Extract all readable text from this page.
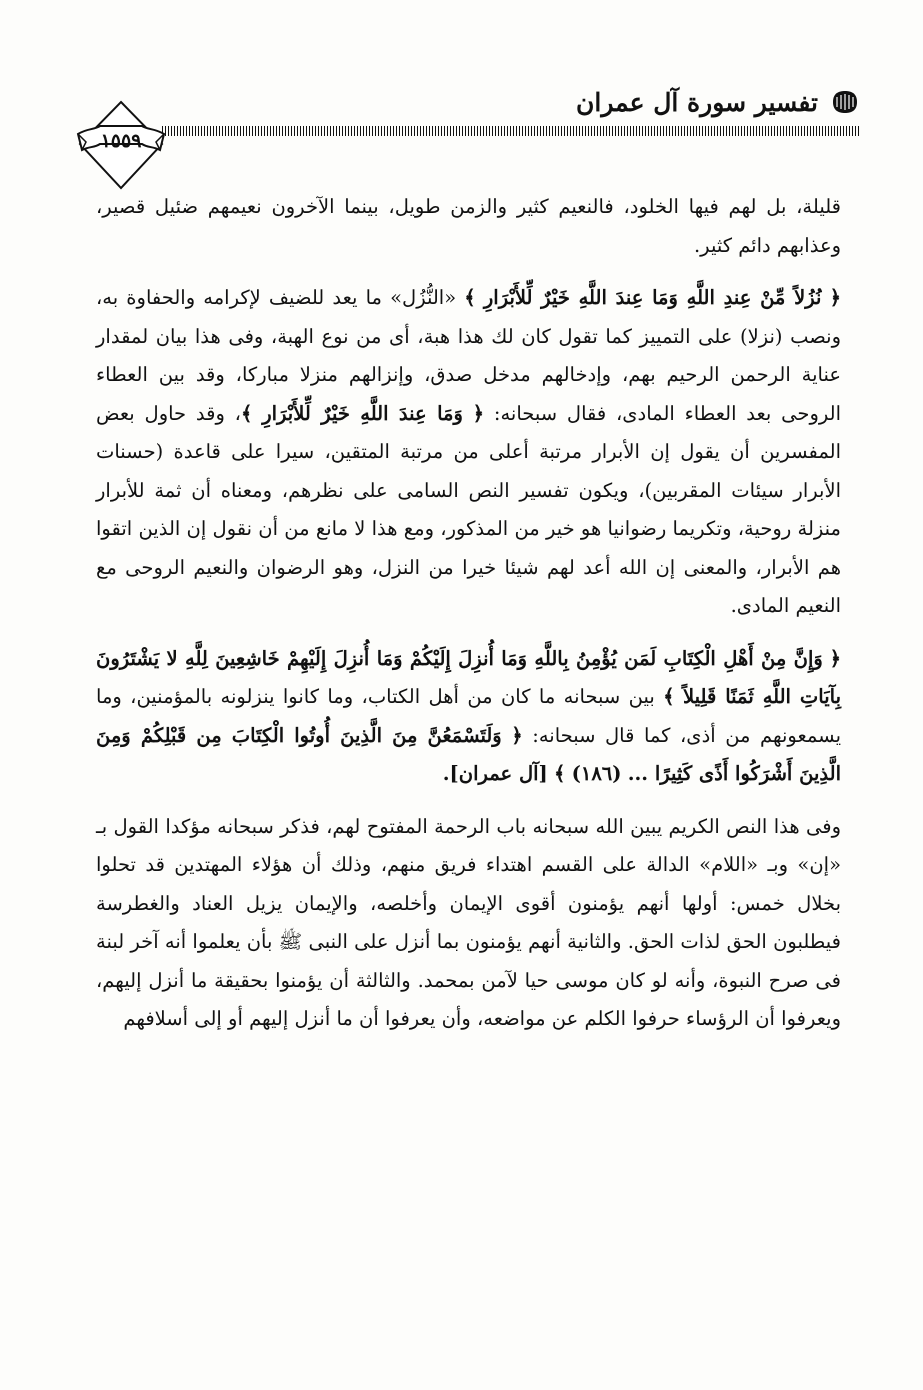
تفسير سورة آل عمران
١٥٥٩

قليلة، بل لهم فيها الخلود، فالنعيم كثير والزمن طويل، بينما الآخرون نعيمهم ضئيل قصير، وعذابهم دائم كثير.

﴿ نُزُلاً مِّنْ عِندِ اللَّهِ وَمَا عِندَ اللَّهِ خَيْرٌ لِّلأَبْرَارِ ﴾ «النُّزُل» ما يعد للضيف لإكرامه والحفاوة به، ونصب (نزلا) على التمييز كما تقول كان لك هذا هبة، أى من نوع الهبة، وفى هذا بيان لمقدار عناية الرحمن الرحيم بهم، وإدخالهم مدخل صدق، وإنزالهم منزلا مباركا، وقد بين العطاء الروحى بعد العطاء المادى، فقال سبحانه: ﴿ وَمَا عِندَ اللَّهِ خَيْرٌ لِّلأَبْرَارِ ﴾، وقد حاول بعض المفسرين أن يقول إن الأبرار مرتبة أعلى من مرتبة المتقين، سيرا على قاعدة (حسنات الأبرار سيئات المقربين)، ويكون تفسير النص السامى على نظرهم، ومعناه أن ثمة للأبرار منزلة روحية، وتكريما رضوانيا هو خير من المذكور، ومع هذا لا مانع من أن نقول إن الذين اتقوا هم الأبرار، والمعنى إن الله أعد لهم شيئا خيرا من النزل، وهو الرضوان والنعيم الروحى مع النعيم المادى.

﴿ وَإِنَّ مِنْ أَهْلِ الْكِتَابِ لَمَن يُؤْمِنُ بِاللَّهِ وَمَا أُنزِلَ إِلَيْكُمْ وَمَا أُنزِلَ إِلَيْهِمْ خَاشِعِينَ لِلَّهِ لا يَشْتَرُونَ بِآيَاتِ اللَّهِ ثَمَنًا قَلِيلاً ﴾ بين سبحانه ما كان من أهل الكتاب، وما كانوا ينزلونه بالمؤمنين، وما يسمعونهم من أذى، كما قال سبحانه: ﴿ وَلَتَسْمَعُنَّ مِنَ الَّذِينَ أُوتُوا الْكِتَابَ مِن قَبْلِكُمْ وَمِنَ الَّذِينَ أَشْرَكُوا أَذًى كَثِيرًا ... (١٨٦) ﴾ [آل عمران].

وفى هذا النص الكريم يبين الله سبحانه باب الرحمة المفتوح لهم، فذكر سبحانه مؤكدا القول بـ «إن» وبـ «اللام» الدالة على القسم اهتداء فريق منهم، وذلك أن هؤلاء المهتدين قد تحلوا بخلال خمس: أولها أنهم يؤمنون أقوى الإيمان وأخلصه، والإيمان يزيل العناد والغطرسة فيطلبون الحق لذات الحق. والثانية أنهم يؤمنون بما أنزل على النبى ﷺ بأن يعلموا أنه آخر لبنة فى صرح النبوة، وأنه لو كان موسى حيا لآمن بمحمد. والثالثة أن يؤمنوا بحقيقة ما أنزل إليهم، ويعرفوا أن الرؤساء حرفوا الكلم عن مواضعه، وأن يعرفوا أن ما أنزل إليهم أو إلى أسلافهم
